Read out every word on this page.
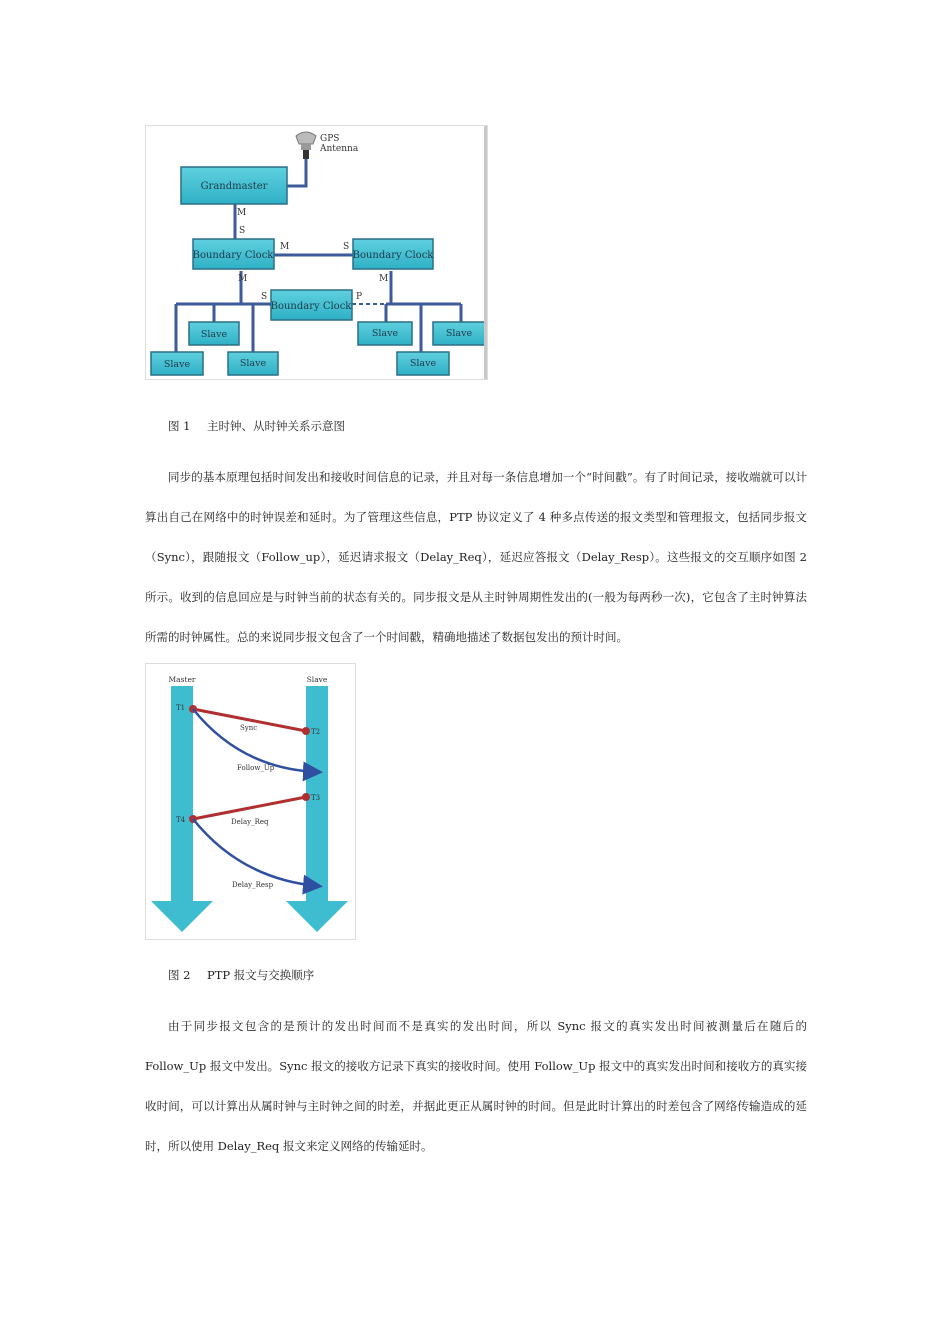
GPS
Antenna
Grandmaster
Boundary Clock	Boundary Clock
Boundary Clock
Slave
Slave	Slave
Slave	Slave
Slave
M
S
M	S
M	M
S	P
图 1 主时钟、从时钟关系示意图

同步的基本原理包括时间发出和接收时间信息的记录，并且对每一条信息增加一个“时间戳”。有了时间记录，接收端就可以计算出自己在网络中的时钟误差和延时。为了管理这些信息，PTP 协议定义了 4 种多点传送的报文类型和管理报文，包括同步报文（Sync），跟随报文（Follow_up），延迟请求报文（Delay_Req），延迟应答报文（Delay_Resp）。这些报文的交互顺序如图 2 所示。收到的信息回应是与时钟当前的状态有关的。同步报文是从主时钟周期性发出的(一般为每两秒一次)，它包含了主时钟算法所需的时钟属性。总的来说同步报文包含了一个时间戳，精确地描述了数据包发出的预计时间。

Master	Slave
T1
T2
T3
T4
Sync
Follow_Up
Delay_Req
Delay_Resp
图 2 PTP 报文与交换顺序

由于同步报文包含的是预计的发出时间而不是真实的发出时间，所以 Sync 报文的真实发出时间被测量后在随后的 Follow_Up 报文中发出。Sync 报文的接收方记录下真实的接收时间。使用 Follow_Up 报文中的真实发出时间和接收方的真实接收时间，可以计算出从属时钟与主时钟之间的时差，并据此更正从属时钟的时间。但是此时计算出的时差包含了网络传输造成的延时，所以使用 Delay_Req 报文来定义网络的传输延时。
